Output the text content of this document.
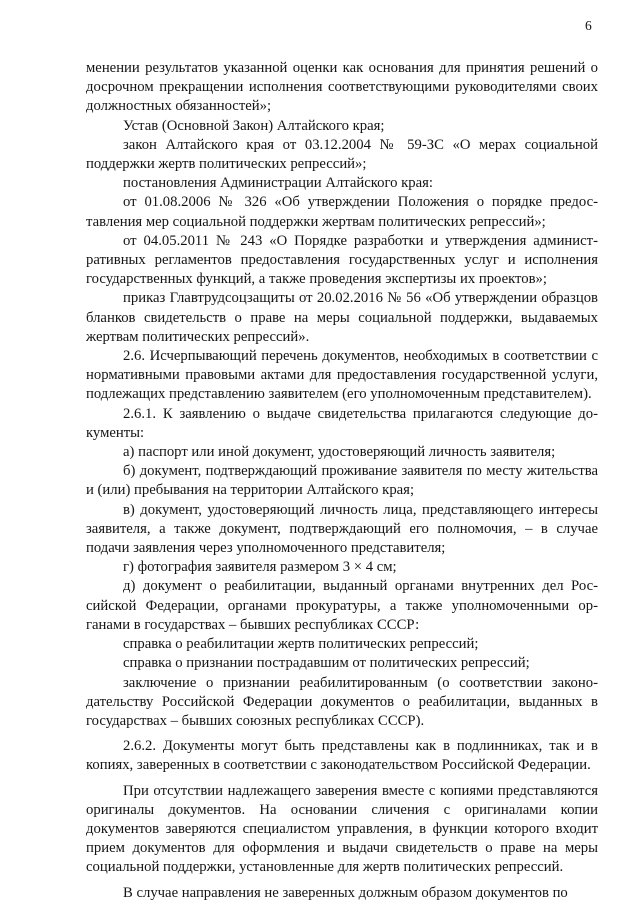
6

менении результатов указанной оценки как основания для принятия решений о досрочном прекращении исполнения соответствующими руководителями своих должностных обязанностей»;

Устав (Основной Закон) Алтайского края;

закон Алтайского края от 03.12.2004 № 59-ЗС «О мерах социальной поддержки жертв политических репрессий»;

постановления Администрации Алтайского края:

от 01.08.2006 № 326 «Об утверждении Положения о порядке предоставления мер социальной поддержки жертвам политических репрессий»;

от 04.05.2011 № 243 «О Порядке разработки и утверждения административных регламентов предоставления государственных услуг и исполнения государственных функций, а также проведения экспертизы их проектов»;

приказ Главтрудсоцзащиты от 20.02.2016 № 56 «Об утверждении образцов бланков свидетельств о праве на меры социальной поддержки, выдаваемых жертвам политических репрессий».

2.6. Исчерпывающий перечень документов, необходимых в соответствии с нормативными правовыми актами для предоставления государственной услуги, подлежащих представлению заявителем (его уполномоченным представителем).

2.6.1. К заявлению о выдаче свидетельства прилагаются следующие документы:

а) паспорт или иной документ, удостоверяющий личность заявителя;

б) документ, подтверждающий проживание заявителя по месту жительства и (или) пребывания на территории Алтайского края;

в) документ, удостоверяющий личность лица, представляющего интересы заявителя, а также документ, подтверждающий его полномочия, – в случае подачи заявления через уполномоченного представителя;

г) фотография заявителя размером 3 × 4 см;

д) документ о реабилитации, выданный органами внутренних дел Российской Федерации, органами прокуратуры, а также уполномоченными органами в государствах – бывших республиках СССР:

справка о реабилитации жертв политических репрессий;

справка о признании пострадавшим от политических репрессий;

заключение о признании реабилитированным (о соответствии законодательству Российской Федерации документов о реабилитации, выданных в государствах – бывших союзных республиках СССР).

2.6.2. Документы могут быть представлены как в подлинниках, так и в копиях, заверенных в соответствии с законодательством Российской Федерации.

При отсутствии надлежащего заверения вместе с копиями представляются оригиналы документов. На основании сличения с оригиналами копии документов заверяются специалистом управления, в функции которого входит прием документов для оформления и выдачи свидетельств о праве на меры социальной поддержки, установленные для жертв политических репрессий.

В случае направления не заверенных должным образом документов по
